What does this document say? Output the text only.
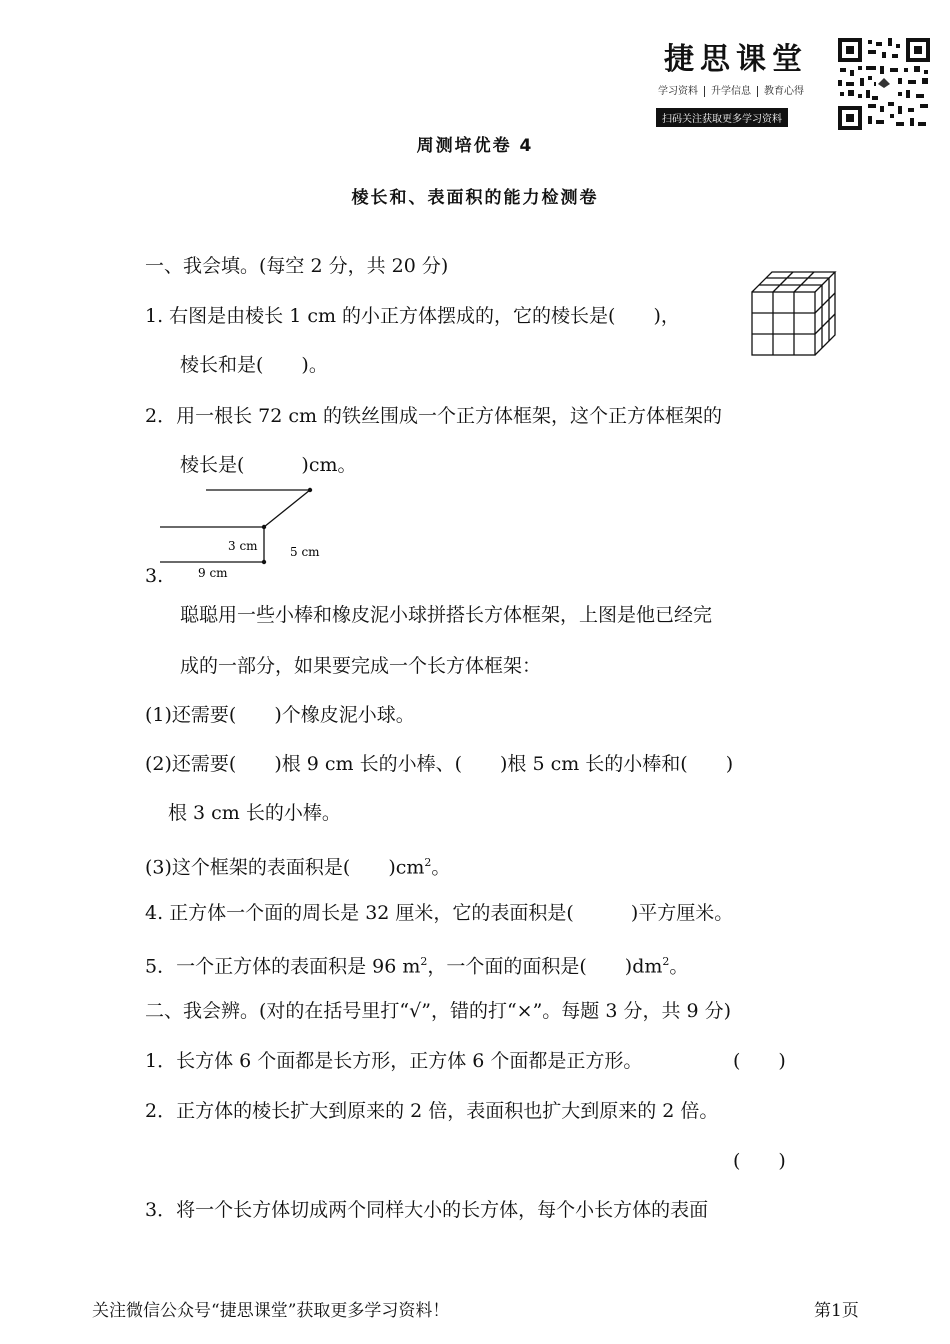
捷思课堂
学习资料 升学信息 教育心得
扫码关注获取更多学习资料
周测培优卷 4
棱长和、表面积的能力检测卷
一、我会填。(每空 2 分，共 20 分)
1. 右图是由棱长 1 cm 的小正方体摆成的，它的棱长是(　　)，
棱长和是(　　)。
2．用一根长 72 cm 的铁丝围成一个正方体框架，这个正方体框架的
棱长是(　　　)cm。
3 cm	5 cm
9 cm
3.
聪聪用一些小棒和橡皮泥小球拼搭长方体框架，上图是他已经完
成的一部分，如果要完成一个长方体框架：
(1)还需要(　　)个橡皮泥小球。
(2)还需要(　　)根 9 cm 长的小棒、(　　)根 5 cm 长的小棒和(　　)
根 3 cm 长的小棒。
(3)这个框架的表面积是(　　)$cm^2$。
4. 正方体一个面的周长是 32 厘米，它的表面积是(　　　)平方厘米。
5．一个正方体的表面积是 96 $m^2$，一个面的面积是(　　)$dm^2$。
二、我会辨。(对的在括号里打“√”，错的打“×”。每题 3 分，共 9 分)
1．长方体 6 个面都是长方形，正方体 6 个面都是正方形。	(　　)
2．正方体的棱长扩大到原来的 2 倍，表面积也扩大到原来的 2 倍。
(　　)
3．将一个长方体切成两个同样大小的长方体，每个小长方体的表面
关注微信公众号“捷思课堂”获取更多学习资料！	第1页
